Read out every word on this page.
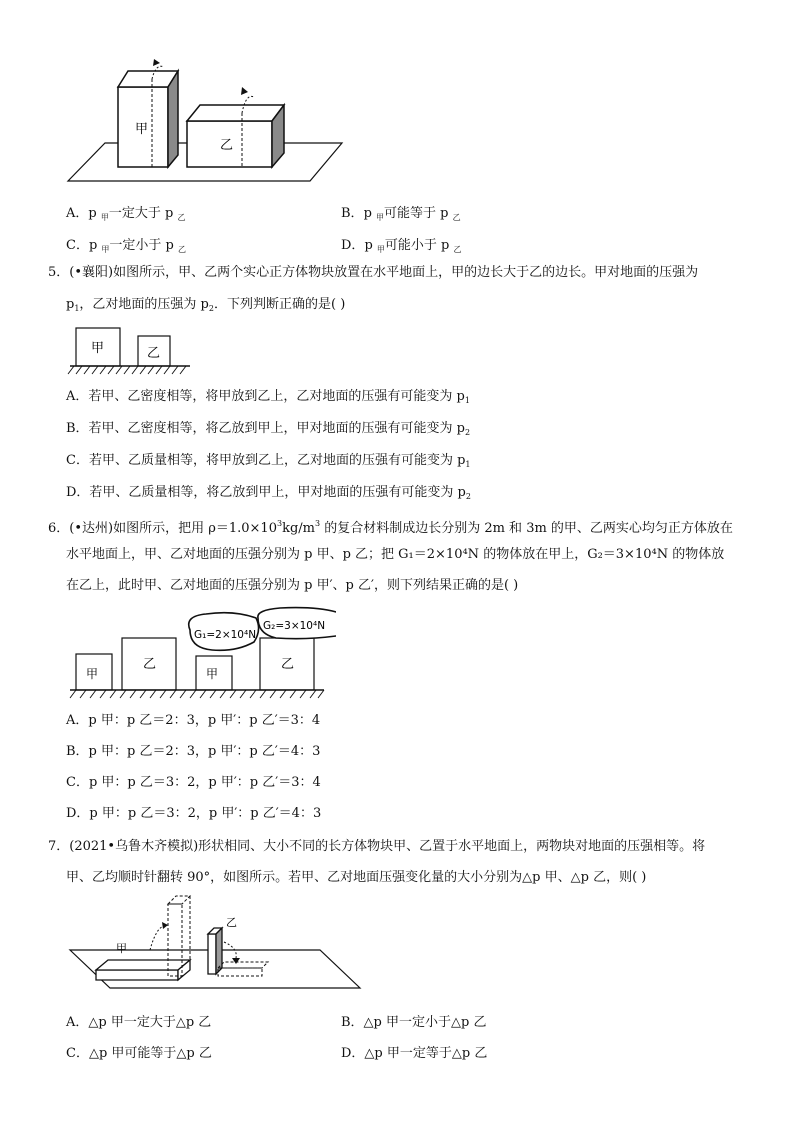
甲
乙
A．p $_甲$一定大于 p $_乙$	B．p $_甲$可能等于 p $_乙$
C．p $_甲$一定小于 p $_乙$	D．p $_甲$可能小于 p $_乙$
5．(•襄阳)如图所示，甲、乙两个实心正方体物块放置在水平地面上，甲的边长大于乙的边长。甲对地面的压强为
$p_1$，乙对地面的压强为 $p_2$．下列判断正确的是( )
甲	乙
A．若甲、乙密度相等，将甲放到乙上，乙对地面的压强有可能变为 $p_1$
B．若甲、乙密度相等，将乙放到甲上，甲对地面的压强有可能变为 $p_2$
C．若甲、乙质量相等，将甲放到乙上，乙对地面的压强有可能变为 $p_1$
D．若甲、乙质量相等，将乙放到甲上，甲对地面的压强有可能变为 $p_2$
6．(•达州)如图所示，把用 $\rho=1.0\times 10^3kg/m^3$ 的复合材料制成边长分别为 2m 和 3m 的甲、乙两实心均匀正方体放在
水平地面上，甲、乙对地面的压强分别为 p 甲、p 乙；把 G₁＝2×10⁴N 的物体放在甲上，G₂＝3×10⁴N 的物体放
在乙上，此时甲、乙对地面的压强分别为 p 甲′、p 乙′，则下列结果正确的是( )
甲
乙
甲
乙
G₁=2×10⁴N
G₂=3×10⁴N
A．p 甲：p 乙＝2：3，p 甲′：p 乙′＝3：4
B．p 甲：p 乙＝2：3，p 甲′：p 乙′＝4：3
C．p 甲：p 乙＝3：2，p 甲′：p 乙′＝3：4
D．p 甲：p 乙＝3：2，p 甲′：p 乙′＝4：3
7．(2021•乌鲁木齐模拟)形状相同、大小不同的长方体物块甲、乙置于水平地面上，两物块对地面的压强相等。将
甲、乙均顺时针翻转 90°，如图所示。若甲、乙对地面压强变化量的大小分别为△p 甲、△p 乙，则( )
甲
乙
A．△p 甲一定大于△p 乙	B．△p 甲一定小于△p 乙
C．△p 甲可能等于△p 乙	D．△p 甲一定等于△p 乙
